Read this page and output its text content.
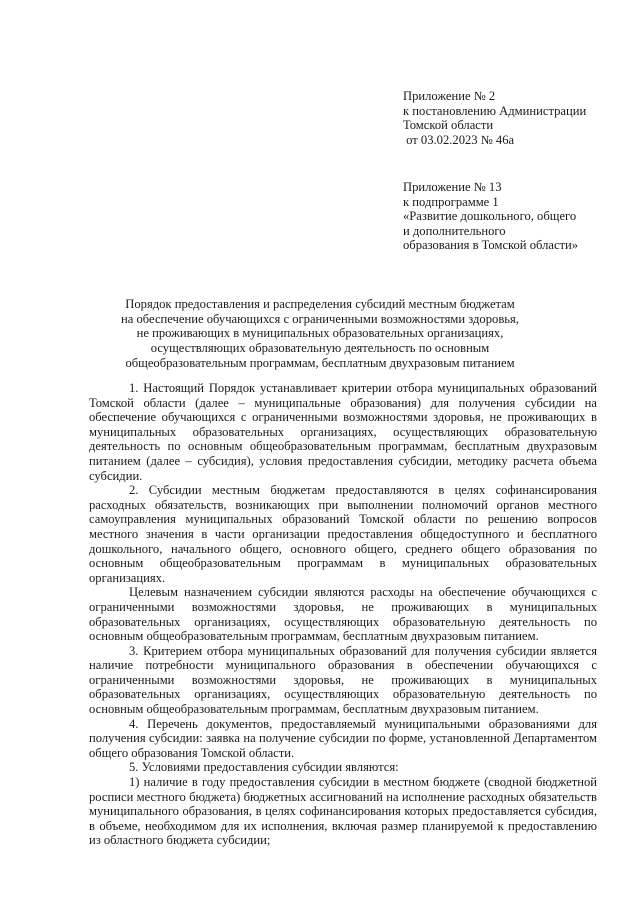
Приложение № 2
к постановлению Администрации
Томской области
от 03.02.2023 № 46а
Приложение № 13
к подпрограмме 1
«Развитие дошкольного, общего
и дополнительного
образования в Томской области»
Порядок предоставления и распределения субсидий местным бюджетам
на обеспечение обучающихся с ограниченными возможностями здоровья,
не проживающих в муниципальных образовательных организациях,
осуществляющих образовательную деятельность по основным
общеобразовательным программам, бесплатным двухразовым питанием

1. Настоящий Порядок устанавливает критерии отбора муниципальных образований Томской области (далее – муниципальные образования) для получения субсидии на обеспечение обучающихся с ограниченными возможностями здоровья, не проживающих в муниципальных образовательных организациях, осуществляющих образовательную деятельность по основным общеобразовательным программам, бесплатным двухразовым питанием (далее – субсидия), условия предоставления субсидии, методику расчета объема субсидии.

2. Субсидии местным бюджетам предоставляются в целях софинансирования расходных обязательств, возникающих при выполнении полномочий органов местного самоуправления муниципальных образований Томской области по решению вопросов местного значения в части организации предоставления общедоступного и бесплатного дошкольного, начального общего, основного общего, среднего общего образования по основным общеобразовательным программам в муниципальных образовательных организациях.

Целевым назначением субсидии являются расходы на обеспечение обучающихся с ограниченными возможностями здоровья, не проживающих в муниципальных образовательных организациях, осуществляющих образовательную деятельность по основным общеобразовательным программам, бесплатным двухразовым питанием.

3. Критерием отбора муниципальных образований для получения субсидии является наличие потребности муниципального образования в обеспечении обучающихся с ограниченными возможностями здоровья, не проживающих в муниципальных образовательных организациях, осуществляющих образовательную деятельность по основным общеобразовательным программам, бесплатным двухразовым питанием.

4. Перечень документов, предоставляемый муниципальными образованиями для получения субсидии: заявка на получение субсидии по форме, установленной Департаментом общего образования Томской области.

5. Условиями предоставления субсидии являются:

1) наличие в году предоставления субсидии в местном бюджете (сводной бюджетной росписи местного бюджета) бюджетных ассигнований на исполнение расходных обязательств муниципального образования, в целях софинансирования которых предоставляется субсидия, в объеме, необходимом для их исполнения, включая размер планируемой к предоставлению из областного бюджета субсидии;
